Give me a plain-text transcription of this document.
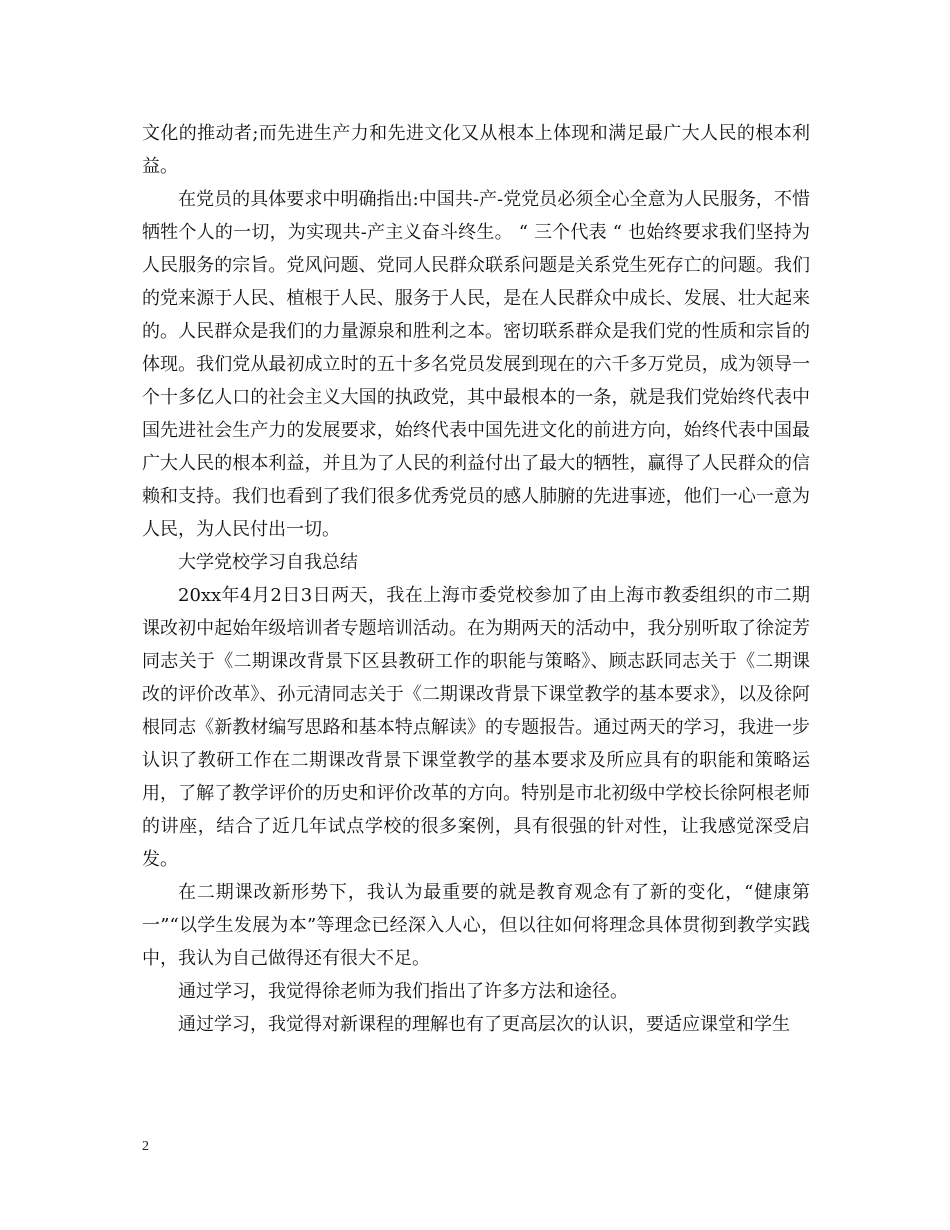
文化的推动者;而先进生产力和先进文化又从根本上体现和满足最广大人民的根本利益。

在党员的具体要求中明确指出:中国共-产-党党员必须全心全意为人民服务，不惜牺牲个人的一切，为实现共-产主义奋斗终生。 “ 三个代表 “ 也始终要求我们坚持为人民服务的宗旨。党风问题、党同人民群众联系问题是关系党生死存亡的问题。我们的党来源于人民、植根于人民、服务于人民，是在人民群众中成长、发展、壮大起来的。人民群众是我们的力量源泉和胜利之本。密切联系群众是我们党的性质和宗旨的体现。我们党从最初成立时的五十多名党员发展到现在的六千多万党员，成为领导一个十多亿人口的社会主义大国的执政党，其中最根本的一条，就是我们党始终代表中国先进社会生产力的发展要求，始终代表中国先进文化的前进方向，始终代表中国最广大人民的根本利益，并且为了人民的利益付出了最大的牺牲，赢得了人民群众的信赖和支持。我们也看到了我们很多优秀党员的感人肺腑的先进事迹，他们一心一意为人民，为人民付出一切。

大学党校学习自我总结

20xx年4月2日3日两天，我在上海市委党校参加了由上海市教委组织的市二期课改初中起始年级培训者专题培训活动。在为期两天的活动中，我分别听取了徐淀芳同志关于《二期课改背景下区县教研工作的职能与策略》、顾志跃同志关于《二期课改的评价改革》、孙元清同志关于《二期课改背景下课堂教学的基本要求》，以及徐阿根同志《新教材编写思路和基本特点解读》的专题报告。通过两天的学习，我进一步认识了教研工作在二期课改背景下课堂教学的基本要求及所应具有的职能和策略运用，了解了教学评价的历史和评价改革的方向。特别是市北初级中学校长徐阿根老师的讲座，结合了近几年试点学校的很多案例，具有很强的针对性，让我感觉深受启发。

在二期课改新形势下，我认为最重要的就是教育观念有了新的变化，“健康第一”“以学生发展为本”等理念已经深入人心，但以往如何将理念具体贯彻到教学实践中，我认为自己做得还有很大不足。

通过学习，我觉得徐老师为我们指出了许多方法和途径。

通过学习，我觉得对新课程的理解也有了更高层次的认识，要适应课堂和学生

2
